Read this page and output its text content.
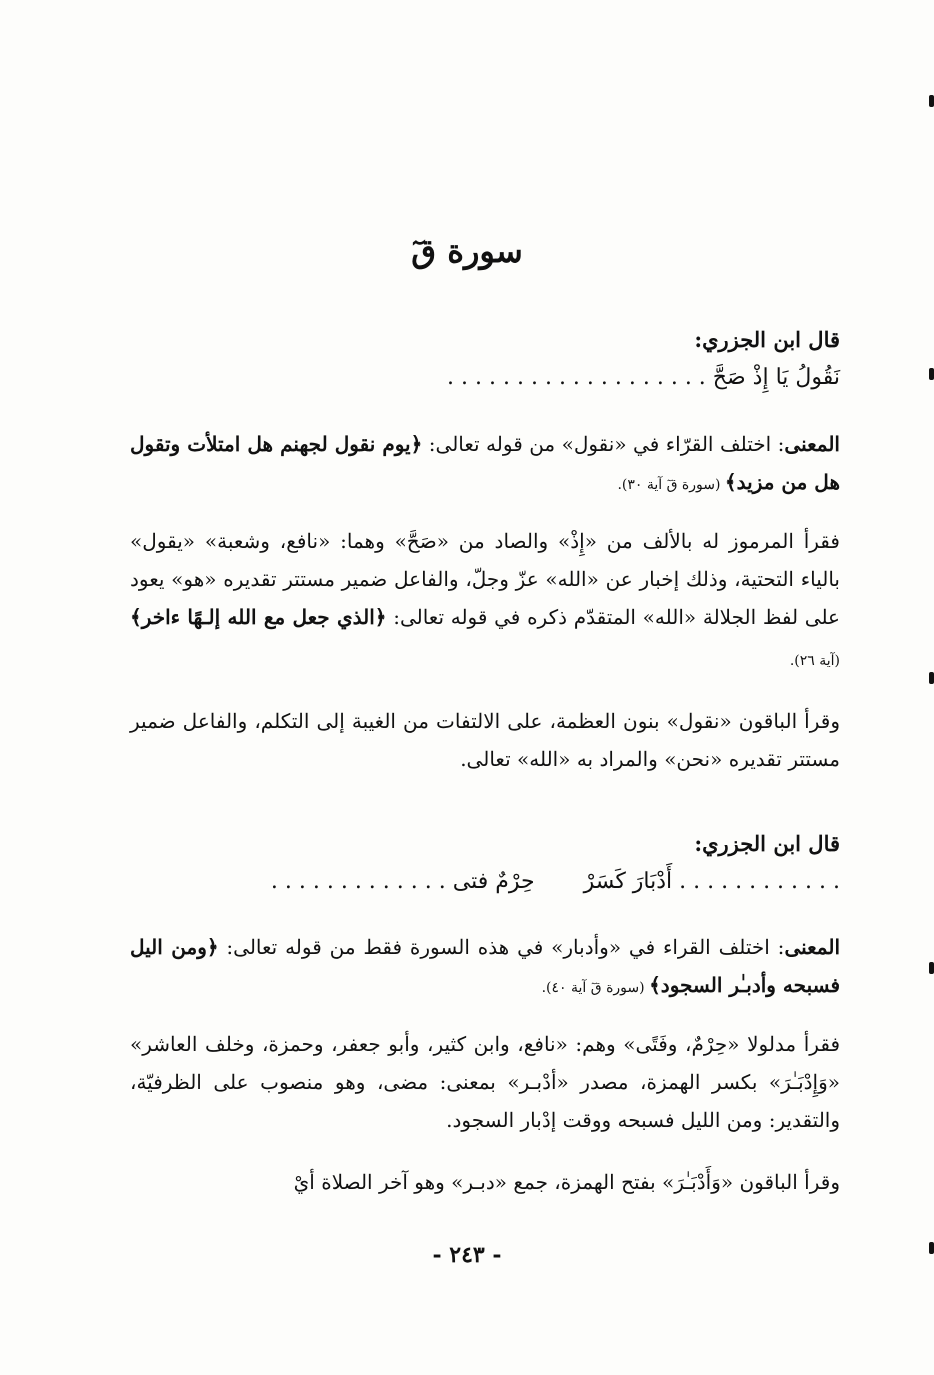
سورة قٓ
قال ابن الجزري:
نَقُولُ يَا إِذْ صَحَّ . . . . . . . . . . . . . . . . . . .

المعنى: اختلف القرّاء في «نقول» من قوله تعالى: ﴿يوم نقول لجهنم هل امتلأت وتقول هل من مزيد﴾ (سورة قٓ آية ٣٠).

فقرأ المرموز له بالألف من «إِذْ» والصاد من «صَحَّ» وهما: «نافع، وشعبة» «يقول» بالياء التحتية، وذلك إخبار عن «الله» عزّ وجلّ، والفاعل ضمير مستتر تقديره «هو» يعود على لفظ الجلالة «الله» المتقدّم ذكره في قوله تعالى: ﴿الذي جعل مع الله إلـهًا ءاخر﴾ (آية ٢٦).

وقرأ الباقون «نقول» بنون العظمة، على الالتفات من الغيبة إلى التكلم، والفاعل ضمير مستتر تقديره «نحن» والمراد به «الله» تعالى.

قال ابن الجزري:
. . . . . . . . . . . . أَدْبَارَ كَسَرْ       حِرْمٌ فتى . . . . . . . . . . . . .

المعنى: اختلف القراء في «وأدبار» في هذه السورة فقط من قوله تعالى: ﴿ومن اليل فسبحه وأدبـٰر السجود﴾ (سورة قٓ آية ٤٠).

فقرأ مدلولا «حِرْمٌ، وفَتًى» وهم: «نافع، وابن كثير، وأبو جعفر، وحمزة، وخلف العاشر» «وَإِدْبَـٰرَ» بكسر الهمزة، مصدر «أدْبـر» بمعنى: مضى، وهو منصوب على الظرفيّة، والتقدير: ومن الليل فسبحه ووقت إدْبار السجود.

وقرأ الباقون «وَأَدْبَـٰرَ» بفتح الهمزة، جمع «دبـر» وهو آخر الصلاة أيْ

- ٢٤٣ -
